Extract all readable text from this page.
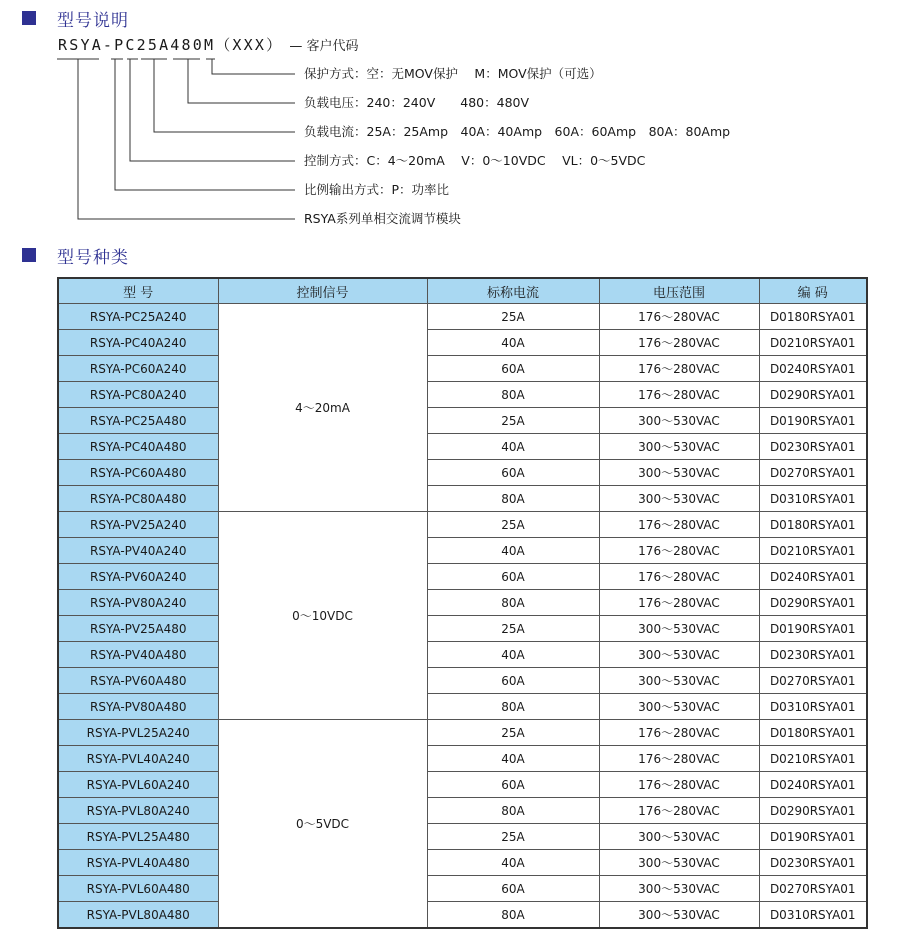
型号说明
RSYA-PC25A480M（XXX） — 客户代码
保护方式：空：无MOV保护　 M：MOV保护（可选）
负载电压：240：240V　　480：480V
负载电流：25A：25Amp　40A：40Amp　60A：60Amp　80A：80Amp
控制方式：C：4～20mA　 V：0～10VDC　 VL：0～5VDC
比例输出方式：P：功率比
RSYA系列单相交流调节模块
型号种类
型 号	控制信号	标称电流	电压范围	编 码
RSYA-PC25A240	4～20mA	25A	176～280VAC	D0180RSYA01
RSYA-PC40A240		40A	176～280VAC	D0210RSYA01
RSYA-PC60A240		60A	176～280VAC	D0240RSYA01
RSYA-PC80A240		80A	176～280VAC	D0290RSYA01
RSYA-PC25A480		25A	300～530VAC	D0190RSYA01
RSYA-PC40A480		40A	300～530VAC	D0230RSYA01
RSYA-PC60A480		60A	300～530VAC	D0270RSYA01
RSYA-PC80A480		80A	300～530VAC	D0310RSYA01
RSYA-PV25A240	0～10VDC	25A	176～280VAC	D0180RSYA01
RSYA-PV40A240		40A	176～280VAC	D0210RSYA01
RSYA-PV60A240		60A	176～280VAC	D0240RSYA01
RSYA-PV80A240		80A	176～280VAC	D0290RSYA01
RSYA-PV25A480		25A	300～530VAC	D0190RSYA01
RSYA-PV40A480		40A	300～530VAC	D0230RSYA01
RSYA-PV60A480		60A	300～530VAC	D0270RSYA01
RSYA-PV80A480		80A	300～530VAC	D0310RSYA01
RSYA-PVL25A240	0～5VDC	25A	176～280VAC	D0180RSYA01
RSYA-PVL40A240		40A	176～280VAC	D0210RSYA01
RSYA-PVL60A240		60A	176～280VAC	D0240RSYA01
RSYA-PVL80A240		80A	176～280VAC	D0290RSYA01
RSYA-PVL25A480		25A	300～530VAC	D0190RSYA01
RSYA-PVL40A480		40A	300～530VAC	D0230RSYA01
RSYA-PVL60A480		60A	300～530VAC	D0270RSYA01
RSYA-PVL80A480		80A	300～530VAC	D0310RSYA01
